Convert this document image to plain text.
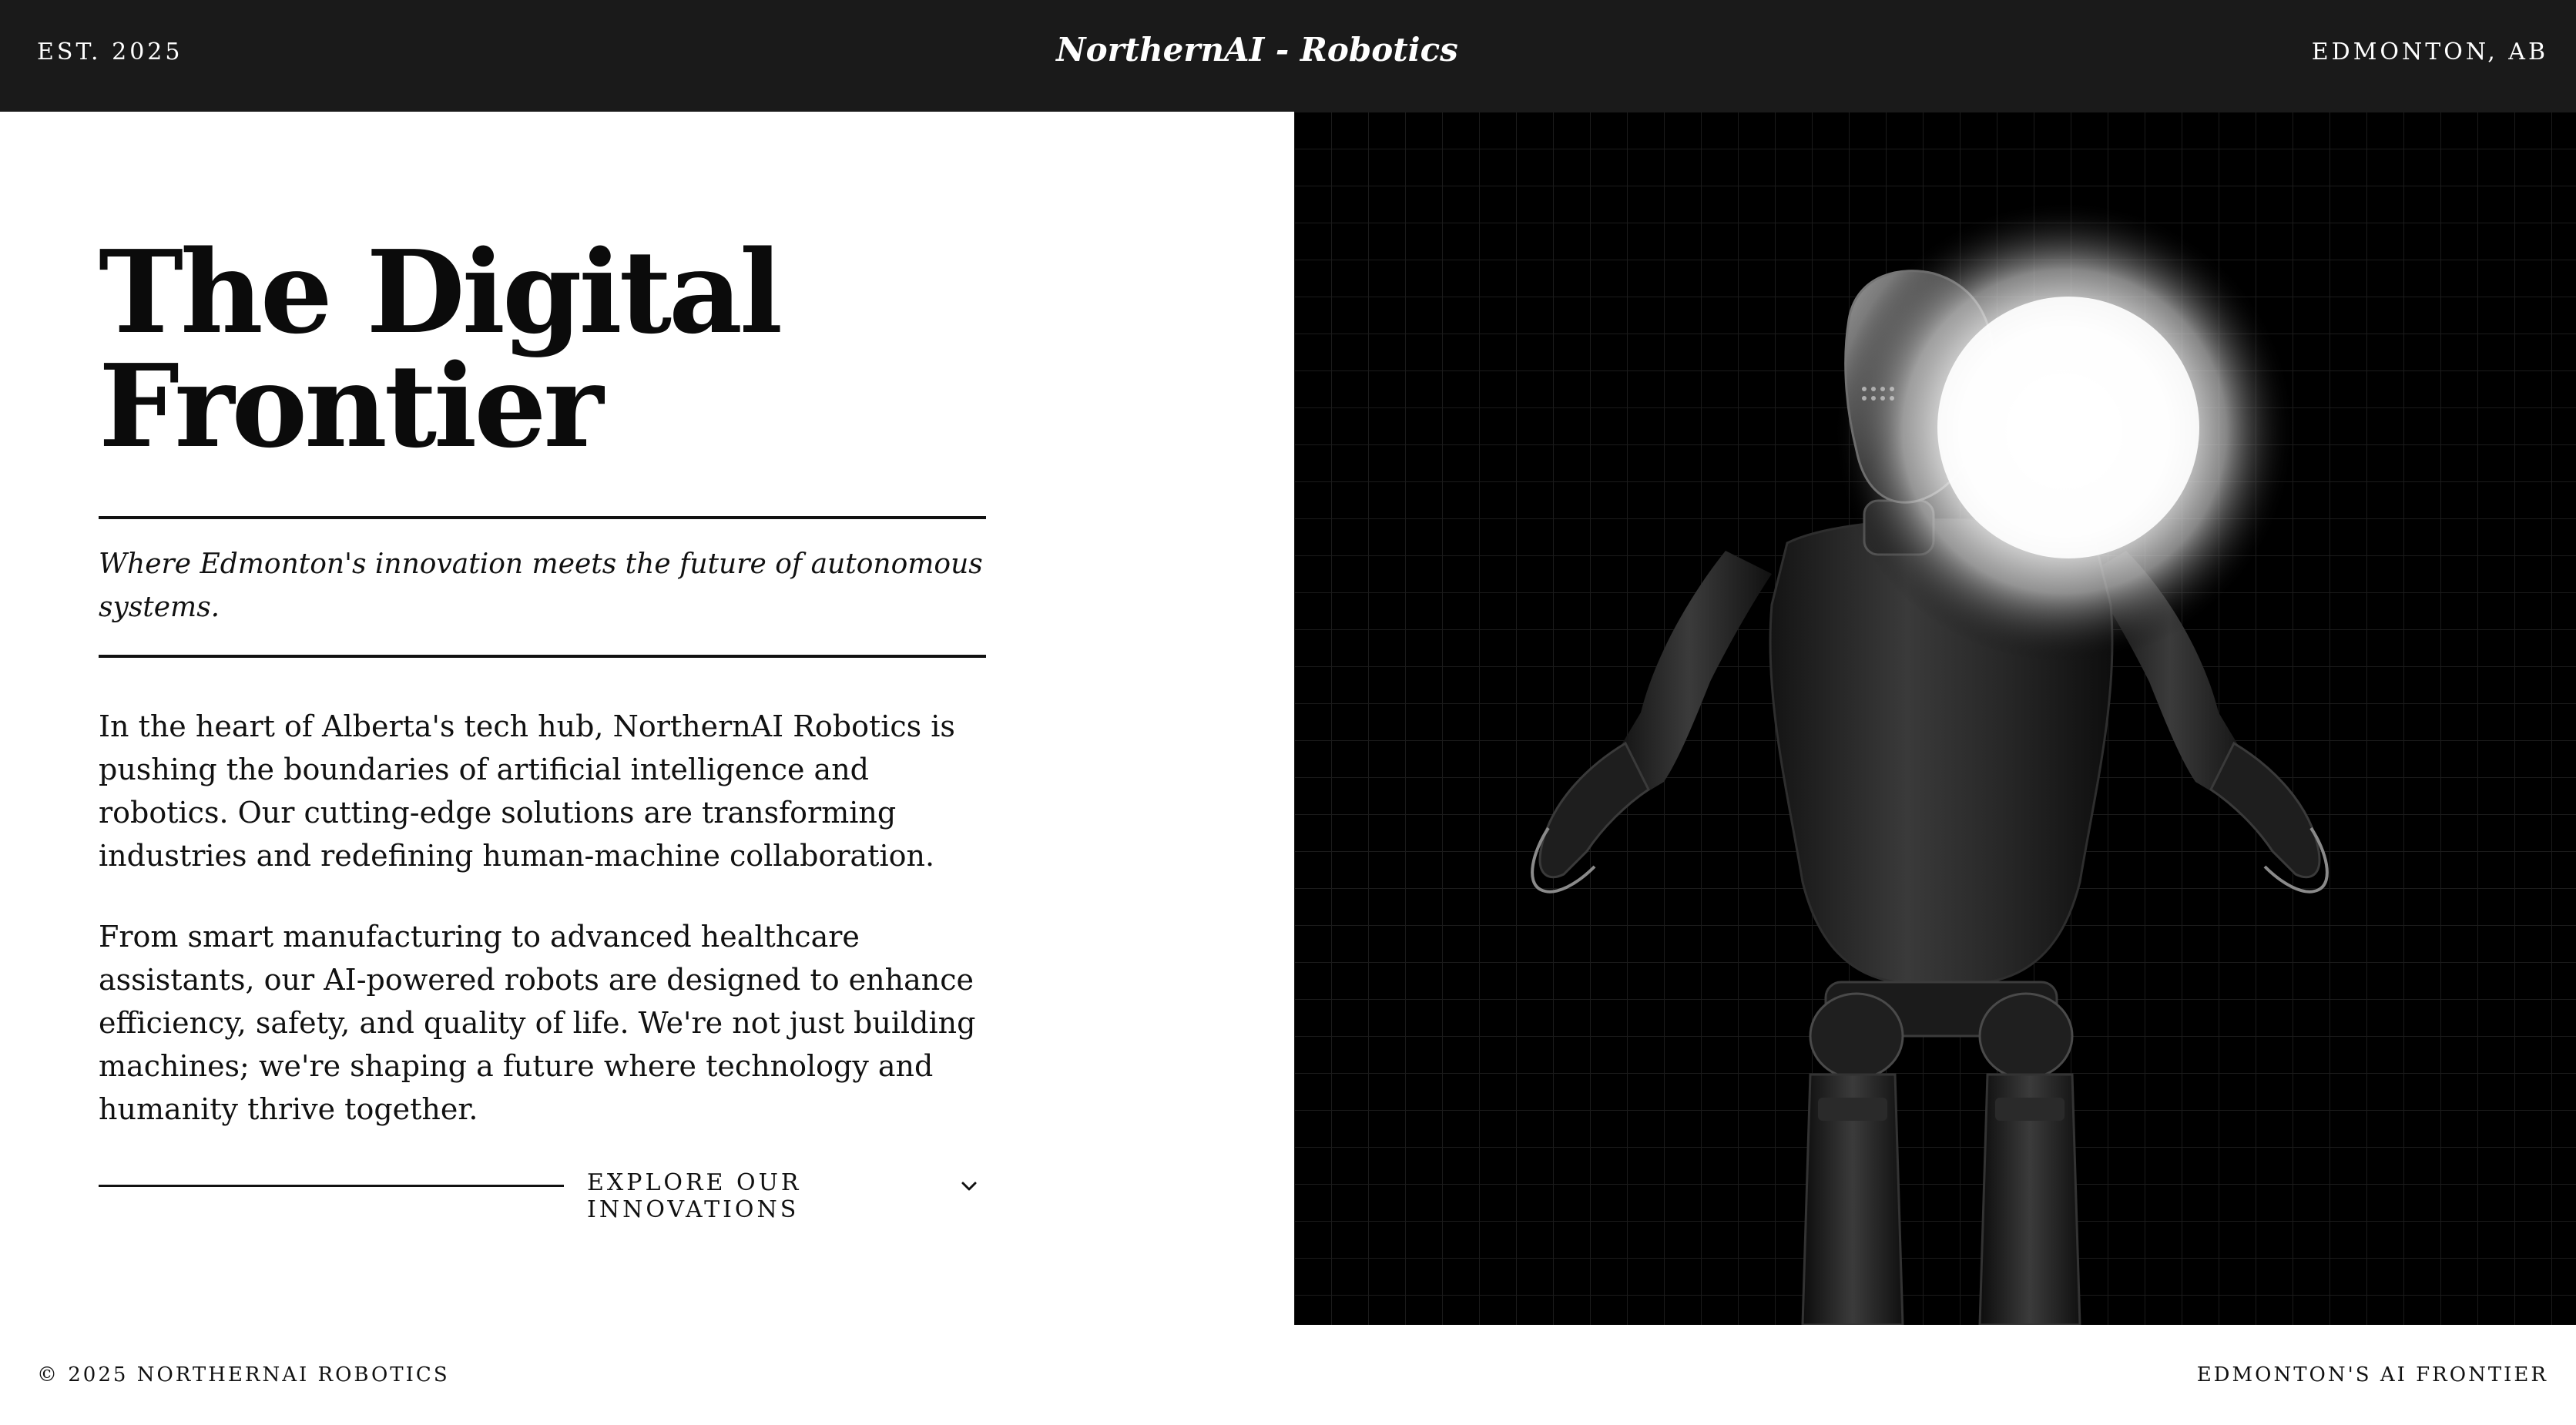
EST. 2025	NorthernAI - Robotics	EDMONTON, AB
The Digital
Frontier
Where Edmonton's innovation meets the future of autonomous systems.

In the heart of Alberta's tech hub, NorthernAI Robotics is pushing the boundaries of artificial intelligence and robotics. Our cutting-edge solutions are transforming industries and redefining human-machine collaboration.

From smart manufacturing to advanced healthcare assistants, our AI-powered robots are designed to enhance efficiency, safety, and quality of life. We're not just building machines; we're shaping a future where technology and humanity thrive together.

EXPLORE OUR INNOVATIONS
© 2025 NORTHERNAI ROBOTICS	EDMONTON'S AI FRONTIER
